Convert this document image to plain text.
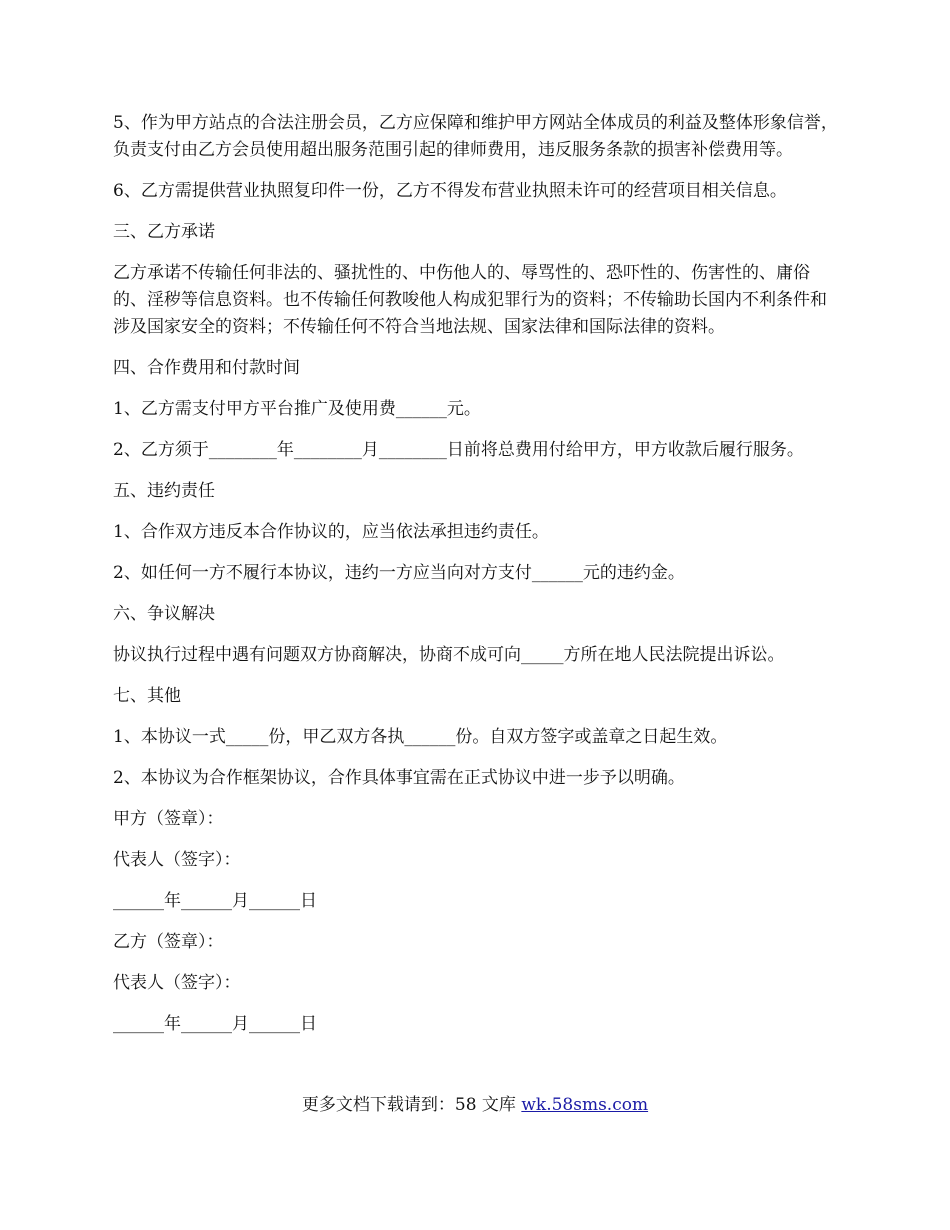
5、作为甲方站点的合法注册会员，乙方应保障和维护甲方网站全体成员的利益及整体形象信誉，负责支付由乙方会员使用超出服务范围引起的律师费用，违反服务条款的损害补偿费用等。

6、乙方需提供营业执照复印件一份，乙方不得发布营业执照未许可的经营项目相关信息。

三、乙方承诺

乙方承诺不传输任何非法的、骚扰性的、中伤他人的、辱骂性的、恐吓性的、伤害性的、庸俗的、淫秽等信息资料。也不传输任何教唆他人构成犯罪行为的资料；不传输助长国内不利条件和涉及国家安全的资料；不传输任何不符合当地法规、国家法律和国际法律的资料。

四、合作费用和付款时间

1、乙方需支付甲方平台推广及使用费______元。

2、乙方须于________年________月________日前将总费用付给甲方，甲方收款后履行服务。

五、违约责任

1、合作双方违反本合作协议的，应当依法承担违约责任。

2、如任何一方不履行本协议，违约一方应当向对方支付______元的违约金。

六、争议解决

协议执行过程中遇有问题双方协商解决，协商不成可向_____方所在地人民法院提出诉讼。

七、其他

1、本协议一式_____份，甲乙双方各执______份。自双方签字或盖章之日起生效。

2、本协议为合作框架协议，合作具体事宜需在正式协议中进一步予以明确。

甲方（签章）：

代表人（签字）：

______年______月______日

乙方（签章）：

代表人（签字）：

______年______月______日

更多文档下载请到：58 文库 wk.58sms.com
